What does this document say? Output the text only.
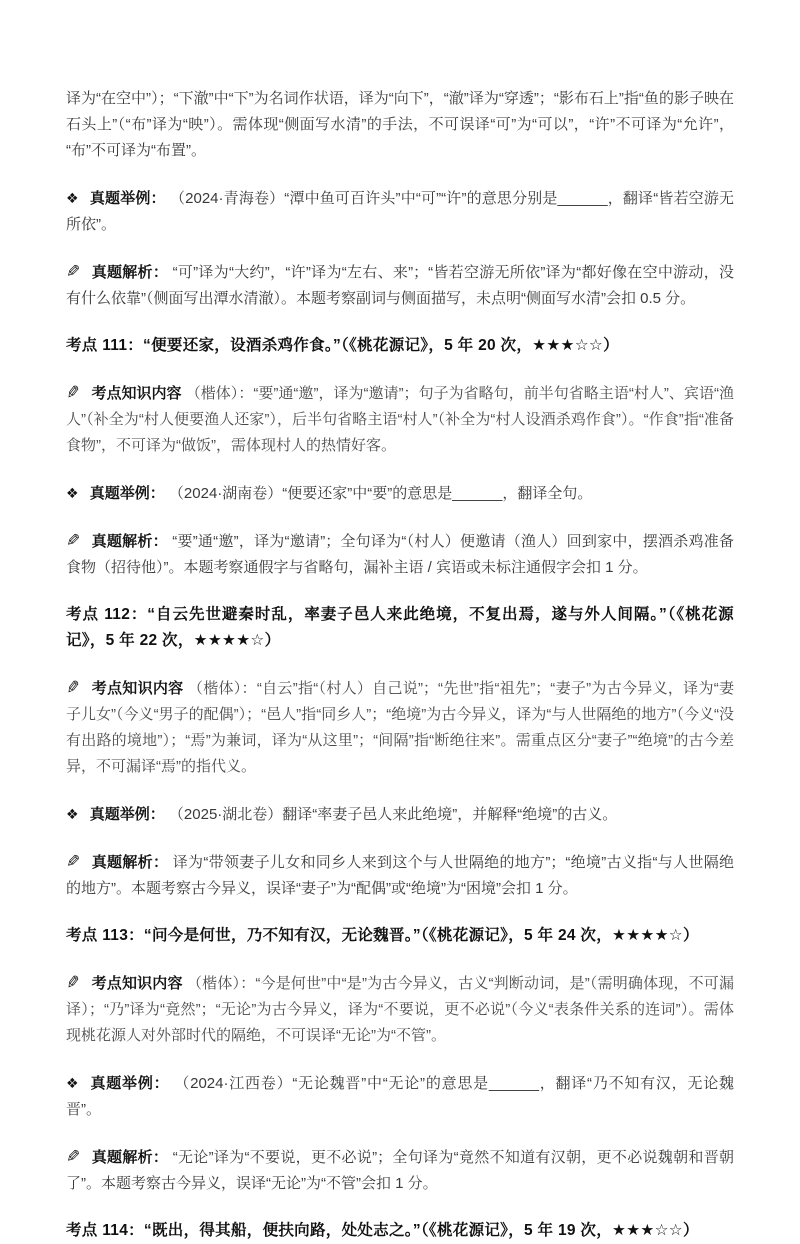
译为“在空中”）；“下澈”中“下”为名词作状语，译为“向下”，“澈”译为“穿透”；“影布石上”指“鱼的影子映在石头上”（“布”译为“映”）。需体现“侧面写水清”的手法，不可误译“可”为“可以”，“许”不可译为“允许”，“布”不可译为“布置”。

❖ 真题举例： （2024·青海卷）“潭中鱼可百许头”中“可”“许”的意思分别是______，翻译“皆若空游无所依”。

✎ 真题解析： “可”译为“大约”，“许”译为“左右、来”；“皆若空游无所依”译为“都好像在空中游动，没有什么依靠”（侧面写出潭水清澈）。本题考察副词与侧面描写，未点明“侧面写水清”会扣 0.5 分。

考点 111：“便要还家，设酒杀鸡作食。”（《桃花源记》，5 年 20 次，★★★☆☆）

✎ 考点知识内容 （楷体）：“要”通“邀”，译为“邀请”；句子为省略句，前半句省略主语“村人”、宾语“渔人”（补全为“村人便要渔人还家”），后半句省略主语“村人”（补全为“村人设酒杀鸡作食”）。“作食”指“准备食物”，不可译为“做饭”，需体现村人的热情好客。

❖ 真题举例： （2024·湖南卷）“便要还家”中“要”的意思是______，翻译全句。

✎ 真题解析： “要”通“邀”，译为“邀请”；全句译为“（村人）便邀请（渔人）回到家中，摆酒杀鸡准备食物（招待他）”。本题考察通假字与省略句，漏补主语 / 宾语或未标注通假字会扣 1 分。

考点 112：“自云先世避秦时乱，率妻子邑人来此绝境，不复出焉，遂与外人间隔。”（《桃花源记》，5 年 22 次，★★★★☆）

✎ 考点知识内容 （楷体）：“自云”指“（村人）自己说”；“先世”指“祖先”；“妻子”为古今异义，译为“妻子儿女”（今义“男子的配偶”）；“邑人”指“同乡人”；“绝境”为古今异义，译为“与人世隔绝的地方”（今义“没有出路的境地”）；“焉”为兼词，译为“从这里”；“间隔”指“断绝往来”。需重点区分“妻子”“绝境”的古今差异，不可漏译“焉”的指代义。

❖ 真题举例： （2025·湖北卷）翻译“率妻子邑人来此绝境”，并解释“绝境”的古义。

✎ 真题解析： 译为“带领妻子儿女和同乡人来到这个与人世隔绝的地方”；“绝境”古义指“与人世隔绝的地方”。本题考察古今异义，误译“妻子”为“配偶”或“绝境”为“困境”会扣 1 分。

考点 113：“问今是何世，乃不知有汉，无论魏晋。”（《桃花源记》，5 年 24 次，★★★★☆）

✎ 考点知识内容 （楷体）：“今是何世”中“是”为古今异义，古义“判断动词，是”（需明确体现，不可漏译）；“乃”译为“竟然”；“无论”为古今异义，译为“不要说，更不必说”（今义“表条件关系的连词”）。需体现桃花源人对外部时代的隔绝，不可误译“无论”为“不管”。

❖ 真题举例： （2024·江西卷）“无论魏晋”中“无论”的意思是______，翻译“乃不知有汉，无论魏晋”。

✎ 真题解析： “无论”译为“不要说，更不必说”；全句译为“竟然不知道有汉朝，更不必说魏朝和晋朝了”。本题考察古今异义，误译“无论”为“不管”会扣 1 分。

考点 114：“既出，得其船，便扶向路，处处志之。”（《桃花源记》，5 年 19 次，★★★☆☆）
